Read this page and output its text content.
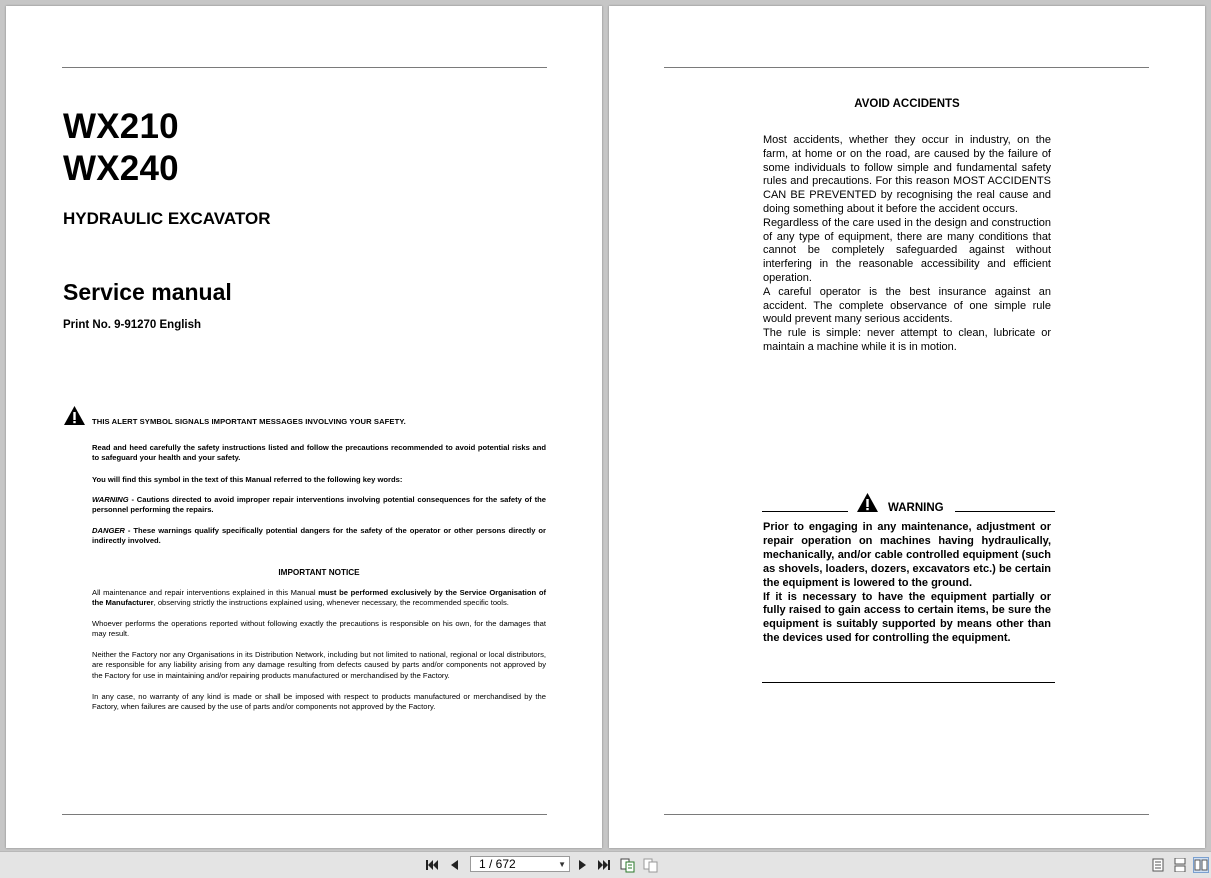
WX210
WX240
HYDRAULIC EXCAVATOR
Service manual
Print No. 9-91270 English
THIS ALERT SYMBOL SIGNALS IMPORTANT MESSAGES INVOLVING YOUR SAFETY.
Read and heed carefully the safety instructions listed and follow the precautions recommended to avoid potential risks and to safeguard your health and your safety.
You will find this symbol in the text of this Manual referred to the following key words:
WARNING - Cautions directed to avoid improper repair interventions involving potential consequences for the safety of the personnel performing the repairs.
DANGER - These warnings qualify specifically potential dangers for the safety of the operator or other persons directly or indirectly involved.
IMPORTANT NOTICE
All maintenance and repair interventions explained in this Manual must be performed exclusively by the Service Organisation of the Manufacturer, observing strictly the instructions explained using, whenever necessary, the recommended specific tools.
Whoever performs the operations reported without following exactly the precautions is responsible on his own, for the damages that may result.
Neither the Factory nor any Organisations in its Distribution Network, including but not limited to national, regional or local distributors, are responsible for any liability arising from any damage resulting from defects caused by parts and/or components not approved by the Factory for use in maintaining and/or repairing products manufactured or merchandised by the Factory.
In any case, no warranty of any kind is made or shall be imposed with respect to products manufactured or merchandised by the Factory, when failures are caused by the use of parts and/or components not approved by the Factory.
AVOID ACCIDENTS
Most accidents, whether they occur in industry, on the farm, at home or on the road, are caused by the failure of some individuals to follow simple and fundamental safety rules and precautions. For this reason MOST ACCIDENTS CAN BE PREVENTED by recognising the real cause and doing something about it before the accident occurs.
Regardless of the care used in the design and construction of any type of equipment, there are many conditions that cannot be completely safeguarded against without interfering in the reasonable accessibility and efficient operation.
A careful operator is the best insurance against an accident. The complete observance of one simple rule would prevent many serious accidents.
The rule is simple: never attempt to clean, lubricate or maintain a machine while it is in motion.
WARNING
Prior to engaging in any maintenance, adjustment or repair operation on machines having hydraulically, mechanically, and/or cable controlled equipment (such as shovels, loaders, dozers, excavators etc.) be certain the equipment is lowered to the ground.
If it is necessary to have the equipment partially or fully raised to gain access to certain items, be sure the equipment is suitably supported by means other than the devices used for controlling the equipment.
1 / 672	▼
